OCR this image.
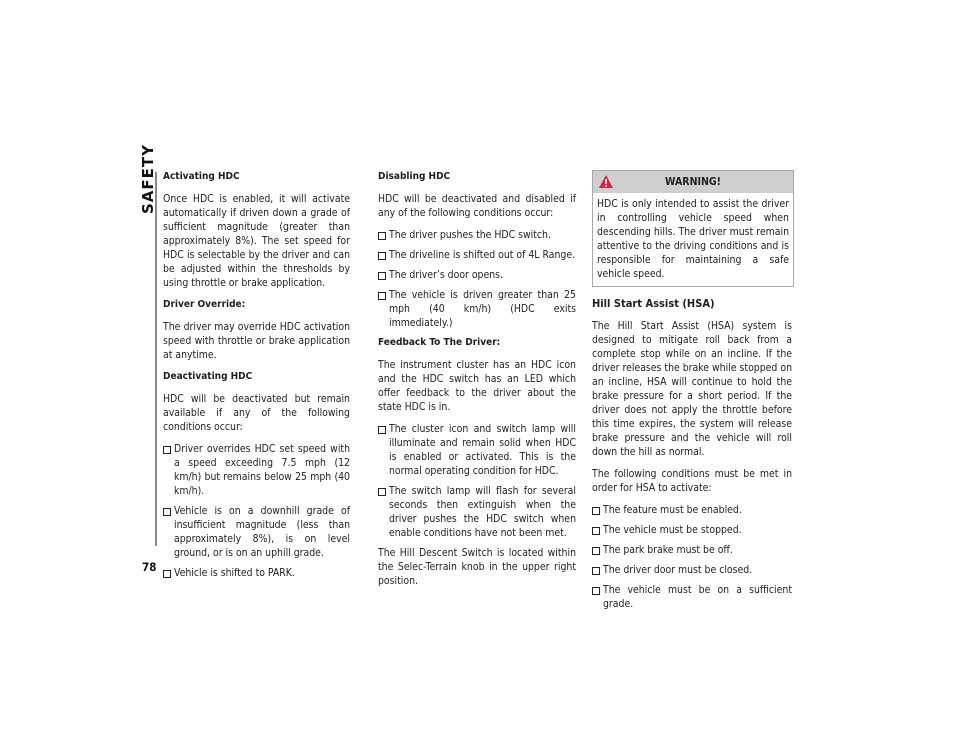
SAFETY
78
Activating HDC
Once HDC is enabled, it will activate automatically if driven down a grade of sufficient magnitude (greater than approximately 8%). The set speed for HDC is selectable by the driver and can be adjusted within the thresholds by using throttle or brake application.
Driver Override:
The driver may override HDC activation speed with throttle or brake application at anytime.
Deactivating HDC
HDC will be deactivated but remain available if any of the following conditions occur:
Driver overrides HDC set speed with a speed exceeding 7.5 mph (12 km/h) but remains below 25 mph (40 km/h).
Vehicle is on a downhill grade of insufficient magnitude (less than approximately 8%), is on level ground, or is on an uphill grade.
Vehicle is shifted to PARK.
Disabling HDC
HDC will be deactivated and disabled if any of the following conditions occur:
The driver pushes the HDC switch.
The driveline is shifted out of 4L Range.
The driver’s door opens.
The vehicle is driven greater than 25 mph (40 km/h) (HDC exits immediately.)
Feedback To The Driver:
The instrument cluster has an HDC icon and the HDC switch has an LED which offer feedback to the driver about the state HDC is in.
The cluster icon and switch lamp will illuminate and remain solid when HDC is enabled or activated. This is the normal operating condition for HDC.
The switch lamp will flash for several seconds then extinguish when the driver pushes the HDC switch when enable conditions have not been met.
The Hill Descent Switch is located within the Selec-Terrain knob in the upper right position.
WARNING!
HDC is only intended to assist the driver in controlling vehicle speed when descending hills. The driver must remain attentive to the driving conditions and is responsible for maintaining a safe vehicle speed.
Hill Start Assist (HSA)
The Hill Start Assist (HSA) system is designed to mitigate roll back from a complete stop while on an incline. If the driver releases the brake while stopped on an incline, HSA will continue to hold the brake pressure for a short period. If the driver does not apply the throttle before this time expires, the system will release brake pressure and the vehicle will roll down the hill as normal.
The following conditions must be met in order for HSA to activate:
The feature must be enabled.
The vehicle must be stopped.
The park brake must be off.
The driver door must be closed.
The vehicle must be on a sufficient grade.
